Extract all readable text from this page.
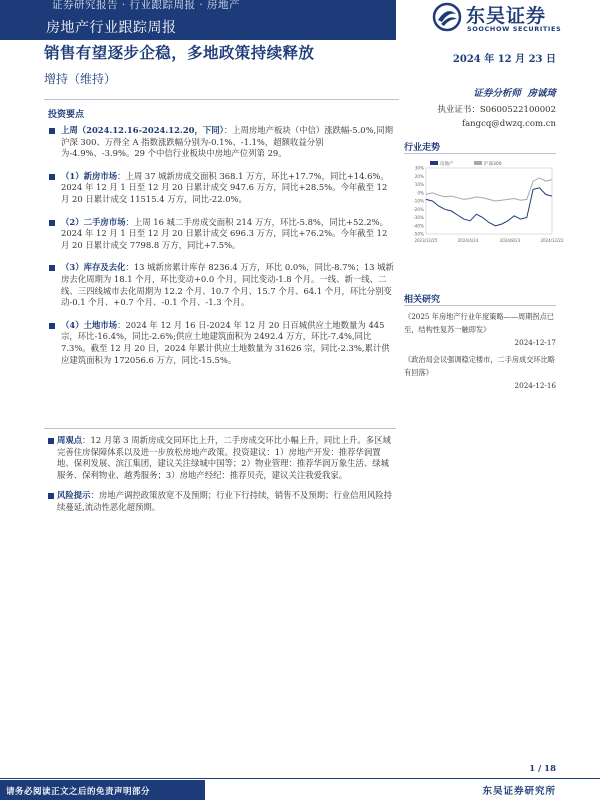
证券研究报告 · 行业跟踪周报 · 房地产
房地产行业跟踪周报
东吴证券
SOOCHOW SECURITIES
销售有望逐步企稳，多地政策持续释放	2024 年 12 月 23 日
增持（维持）
证券分析师 房诚琦
执业证书：S0600522100002
fangcq@dwzq.com.cn
投资要点
上周（2024.12.16-2024.12.20，下同）：上周房地产板块（中信）涨跌幅-5.0%,同期沪深 300、万得全 A 指数涨跌幅分别为-0.1%、-1.1%，超额收益分别为-4.9%、-3.9%。29 个中信行业板块中房地产位列第 29。
（1）新房市场：上周 37 城新房成交面积 368.1 万方，环比+17.7%，同比+14.6%。2024 年 12 月 1 日至 12 月 20 日累计成交 947.6 万方，同比+28.5%。今年截至 12 月 20 日累计成交 11515.4 万方，同比-22.0%。
（2）二手房市场：上周 16 城二手房成交面积 214 万方，环比-5.8%，同比+52.2%。2024 年 12 月 1 日至 12 月 20 日累计成交 696.3 万方，同比+76.2%。今年截至 12 月 20 日累计成交 7798.8 万方，同比+7.5%。
（3）库存及去化：13 城新房累计库存 8236.4 万方，环比 0.0%，同比-8.7%；13 城新房去化周期为 18.1 个月，环比变动+0.0 个月，同比变动-1.8 个月。一线、新一线、二线、三四线城市去化周期为 12.2 个月、10.7 个月、15.7 个月、64.1 个月，环比分别变动-0.1 个月、+0.7 个月、-0.1 个月、-1.3 个月。
（4）土地市场：2024 年 12 月 16 日-2024 年 12 月 20 日百城供应土地数量为 445 宗，环比-16.4%，同比-2.6%;供应土地建筑面积为 2492.4 万方，环比-7.4%,同比 7.3%。截至 12 月 20 日，2024 年累计供应土地数量为 31626 宗，同比-2.3%,累计供应建筑面积为 172056.6 万方，同比-15.5%。
周观点：12 月第 3 周新房成交同环比上升，二手房成交环比小幅上升，同比上升。多区域完善住房保障体系以及进一步放松房地产政策。投资建议：1）房地产开发：推荐华润置地、保利发展、滨江集团，建议关注绿城中国等；2）物业管理：推荐华润万象生活、绿城服务、保利物业、越秀服务；3）房地产经纪：推荐贝壳，建议关注我爱我家。
风险提示：房地产调控政策放宽不及预期；行业下行持续，销售不及预期；行业信用风险持续蔓延,流动性恶化超预期。
行业走势
房地产	沪深300
30%
20%
10%
0%
-10%
-20%
-30%
-40%
-50%
2023/12/25	2024/4/24	2024/8/23	2024/12/22
相关研究
《2025 年房地产行业年度策略——周期拐点已至，结构性复苏一触即发》
2024-12-17
《政治局会议强调稳定楼市，二手房成交环比略有回落》
2024-12-16
1 / 18
请务必阅读正文之后的免责声明部分	东吴证券研究所
